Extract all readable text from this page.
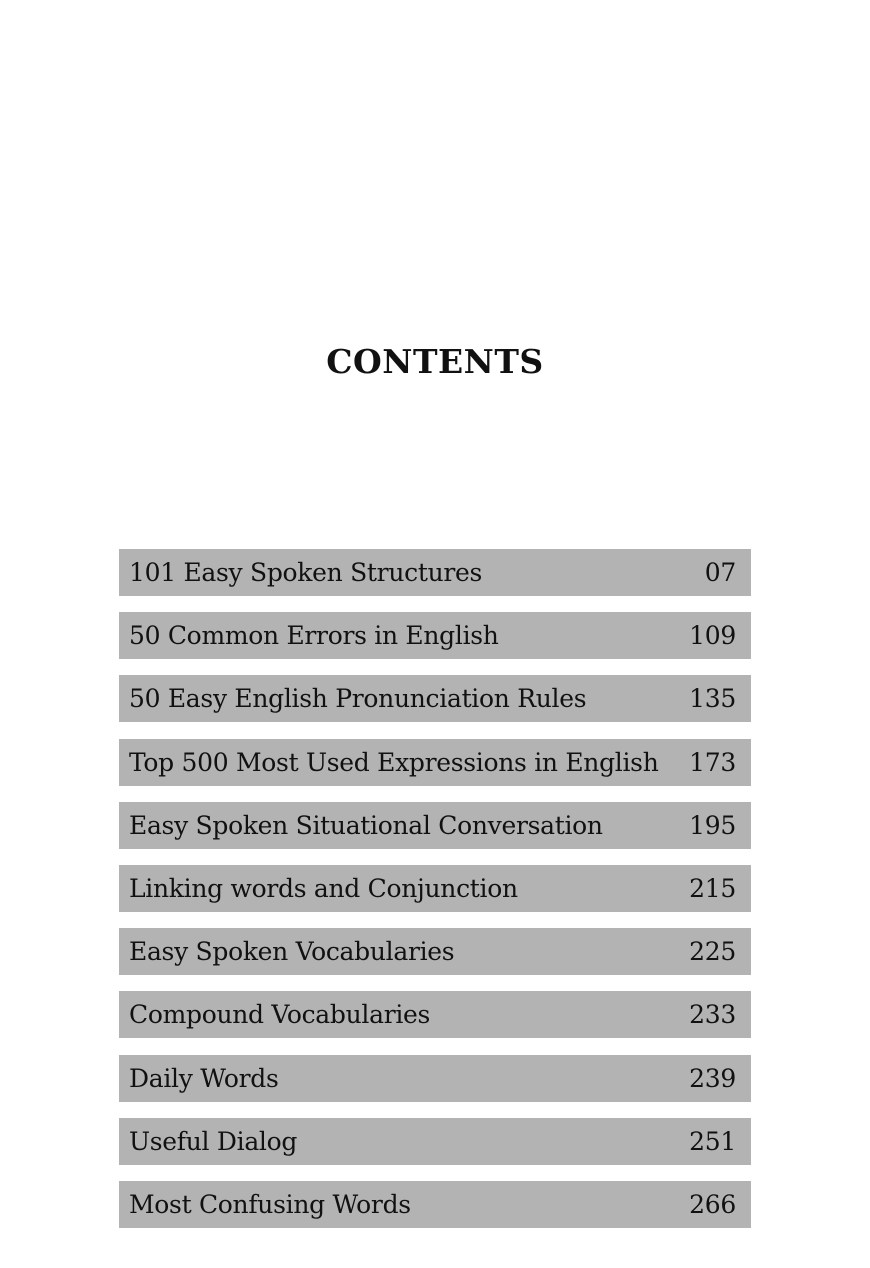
CONTENTS
101 Easy Spoken Structures	07
50 Common Errors in English	109
50 Easy English Pronunciation Rules	135
Top 500 Most Used Expressions in English 173
Easy Spoken Situational Conversation	195
Linking words and Conjunction	215
Easy Spoken Vocabularies	225
Compound Vocabularies	233
Daily Words	239
Useful Dialog	251
Most Confusing Words	266
